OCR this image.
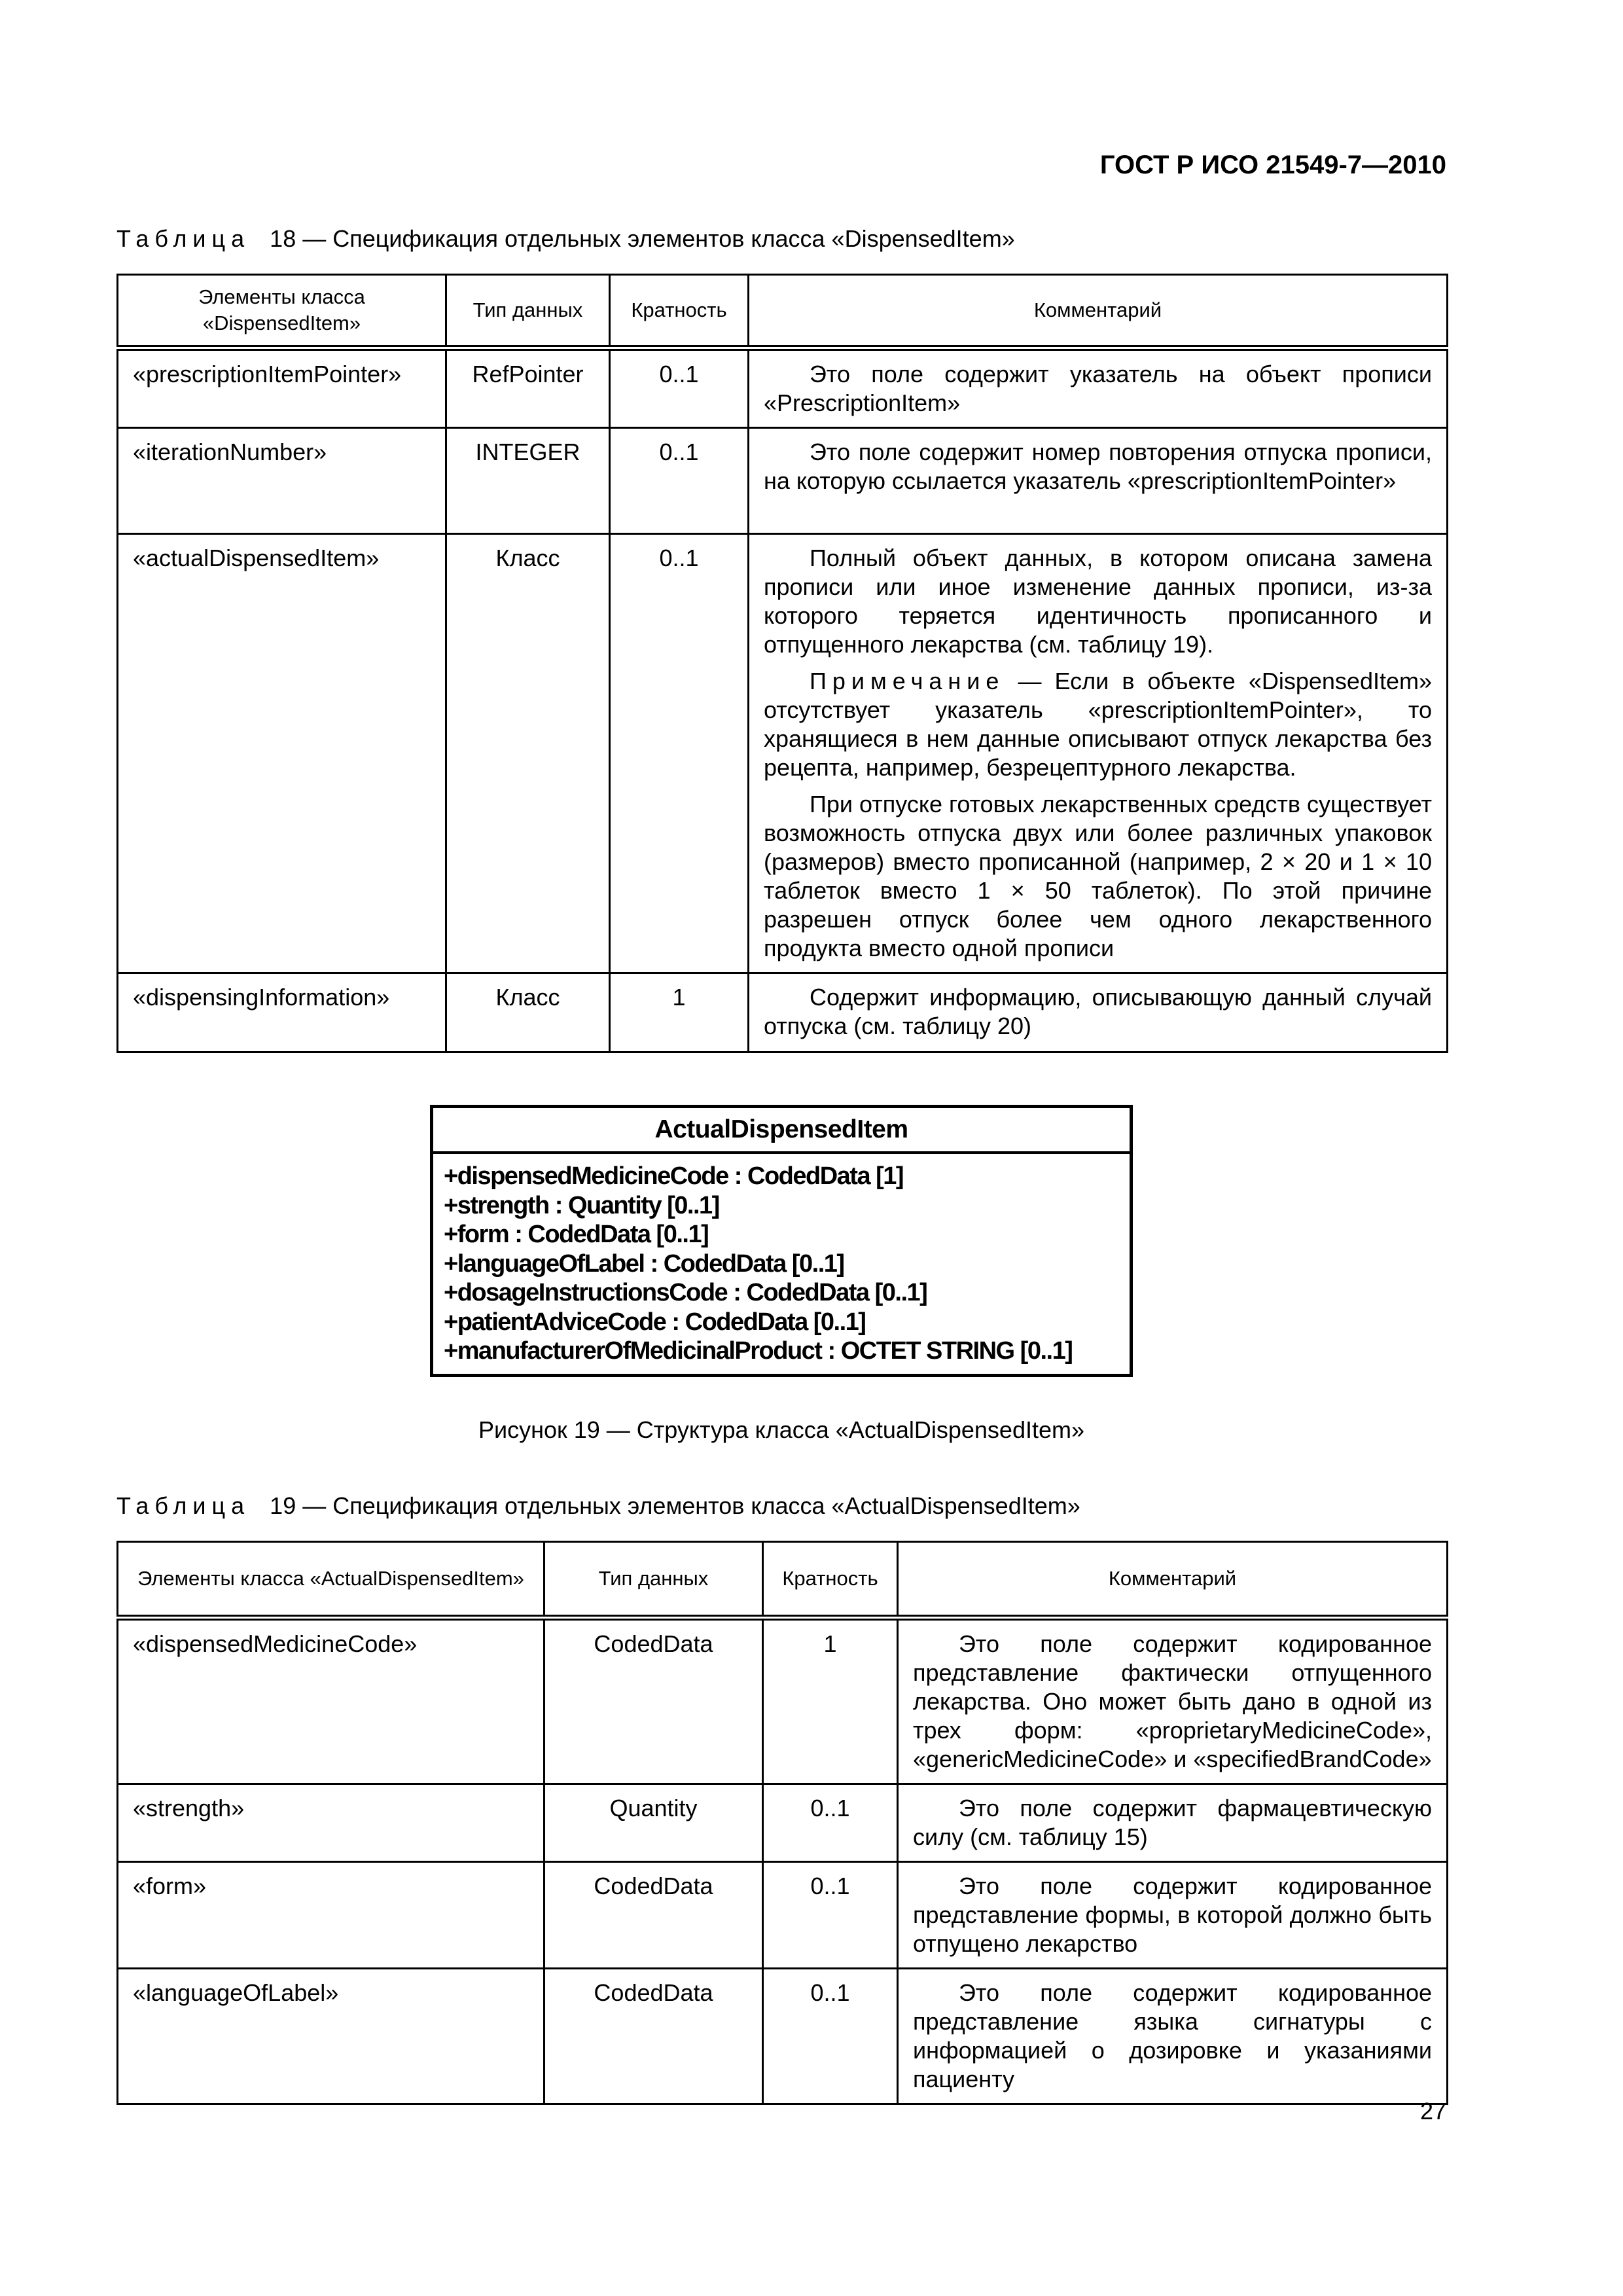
ГОСТ Р ИСО 21549-7—2010
Таблица 18 — Спецификация отдельных элементов класса «DispensedItem»
Элементы класса «DispensedItem»	Тип данных	Кратность	Комментарий
«prescriptionItemPointer»	RefPointer	0..1	Это поле содержит указатель на объект прописи «PrescriptionItem»

«iterationNumber»	INTEGER	0..1	Это поле содержит номер повторения отпуска прописи, на которую ссылается указатель «prescriptionItemPointer»

«actualDispensedItem»	Класс	0..1	Полный объект данных, в котором описана замена прописи или иное изменение данных прописи, из-за которого теряется идентичность прописанного и отпущенного лекарства (см. таблицу 19).

Примечание — Если в объекте «DispensedItem» отсутствует указатель «prescriptionItemPointer», то хранящиеся в нем данные описывают отпуск лекарства без рецепта, например, безрецептурного лекарства.

При отпуске готовых лекарственных средств существует возможность отпуска двух или более различных упаковок (размеров) вместо прописанной (например, 2 × 20 и 1 × 10 таблеток вместо 1 × 50 таблеток). По этой причине разрешен отпуск более чем одного лекарственного продукта вместо одной прописи

«dispensingInformation»	Класс	1	Содержит информацию, описывающую данный случай отпуска (см. таблицу 20)

ActualDispensedItem
+dispensedMedicineCode : CodedData [1]
+strength : Quantity [0..1]
+form : CodedData [0..1]
+languageOfLabel : CodedData [0..1]
+dosageInstructionsCode : CodedData [0..1]
+patientAdviceCode : CodedData [0..1]
+manufacturerOfMedicinalProduct : OCTET STRING [0..1]
Рисунок 19 — Структура класса «ActualDispensedItem»
Таблица 19 — Спецификация отдельных элементов класса «ActualDispensedItem»
Элементы класса «ActualDispensedItem»	Тип данных	Кратность	Комментарий
«dispensedMedicineCode»	CodedData	1	Это поле содержит кодированное представление фактически отпущенного лекарства. Оно может быть дано в одной из трех форм: «proprietaryMedicineCode», «genericMedicineCode» и «specifiedBrandCode»

«strength»	Quantity	0..1	Это поле содержит фармацевтическую силу (см. таблицу 15)

«form»	CodedData	0..1	Это поле содержит кодированное представление формы, в которой должно быть отпущено лекарство

«languageOfLabel»	CodedData	0..1	Это поле содержит кодированное представление языка сигнатуры с информацией о дозировке и указаниями пациенту

27
